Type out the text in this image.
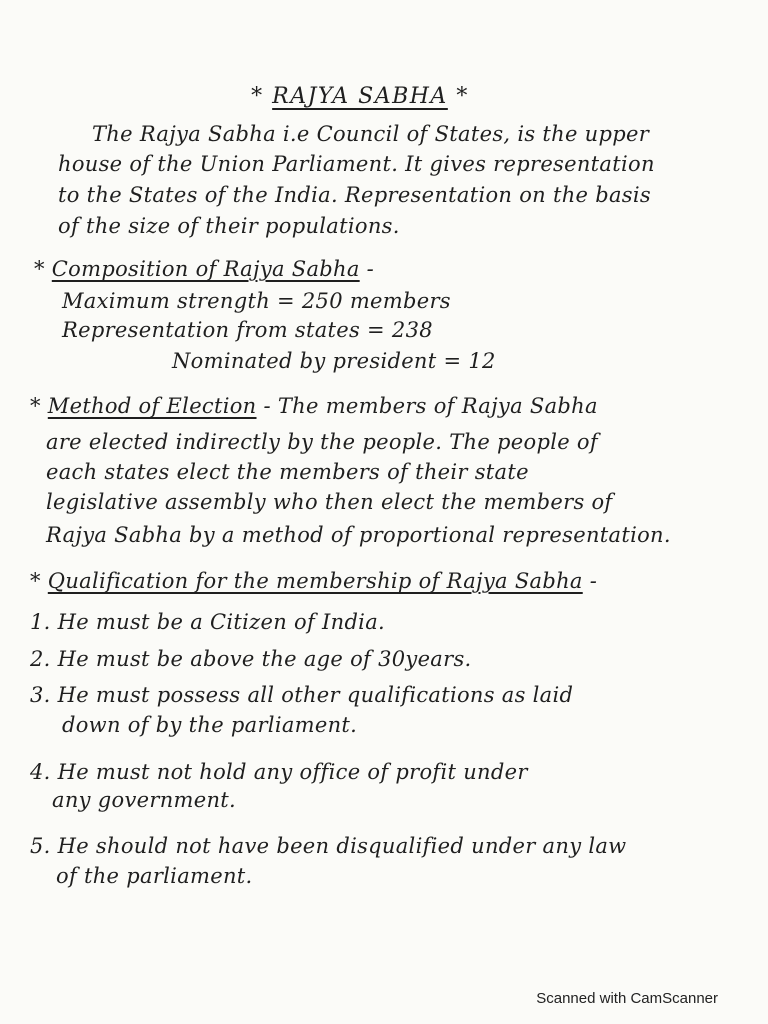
* RAJYA SABHA *
The Rajya Sabha i.e Council of States, is the upper
house of the Union Parliament. It gives representation
to the States of the India. Representation on the basis
of the size of their populations.
* Composition of Rajya Sabha -
Maximum strength = 250 members
Representation from states = 238
Nominated by president = 12
* Method of Election - The members of Rajya Sabha
are elected indirectly by the people. The people of
each states elect the members of their state
legislative assembly who then elect the members of
Rajya Sabha by a method of proportional representation.
* Qualification for the membership of Rajya Sabha -
1. He must be a Citizen of India.
2. He must be above the age of 30years.
3. He must possess all other qualifications as laid
down of by the parliament.
4. He must not hold any office of profit under
any government.
5. He should not have been disqualified under any law
of the parliament.
Scanned with CamScanner
